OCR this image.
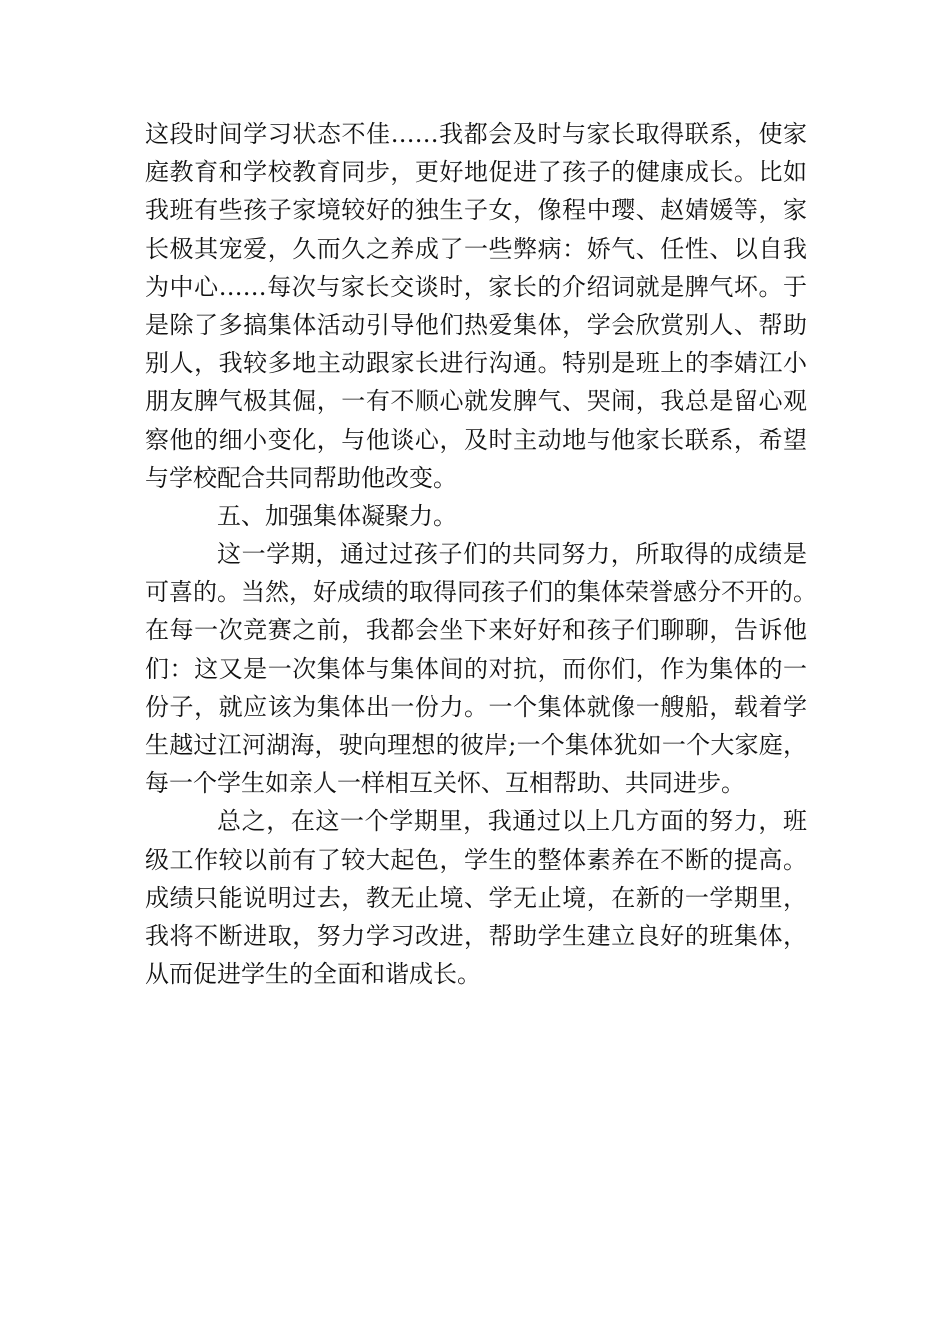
这段时间学习状态不佳……我都会及时与家长取得联系，使家
庭教育和学校教育同步，更好地促进了孩子的健康成长。比如
我班有些孩子家境较好的独生子女，像程中璎、赵婧媛等，家
长极其宠爱，久而久之养成了一些弊病：娇气、任性、以自我
为中心……每次与家长交谈时，家长的介绍词就是脾气坏。于
是除了多搞集体活动引导他们热爱集体，学会欣赏别人、帮助
别人，我较多地主动跟家长进行沟通。特别是班上的李婧江小
朋友脾气极其倔，一有不顺心就发脾气、哭闹，我总是留心观
察他的细小变化，与他谈心，及时主动地与他家长联系，希望
与学校配合共同帮助他改变。
五、加强集体凝聚力。
这一学期，通过过孩子们的共同努力，所取得的成绩是
可喜的。当然，好成绩的取得同孩子们的集体荣誉感分不开的。
在每一次竞赛之前，我都会坐下来好好和孩子们聊聊，告诉他
们：这又是一次集体与集体间的对抗，而你们，作为集体的一
份子，就应该为集体出一份力。一个集体就像一艘船，载着学
生越过江河湖海，驶向理想的彼岸;一个集体犹如一个大家庭，
每一个学生如亲人一样相互关怀、互相帮助、共同进步。
总之，在这一个学期里，我通过以上几方面的努力，班
级工作较以前有了较大起色，学生的整体素养在不断的提高。
成绩只能说明过去，教无止境、学无止境，在新的一学期里，
我将不断进取，努力学习改进，帮助学生建立良好的班集体，
从而促进学生的全面和谐成长。
